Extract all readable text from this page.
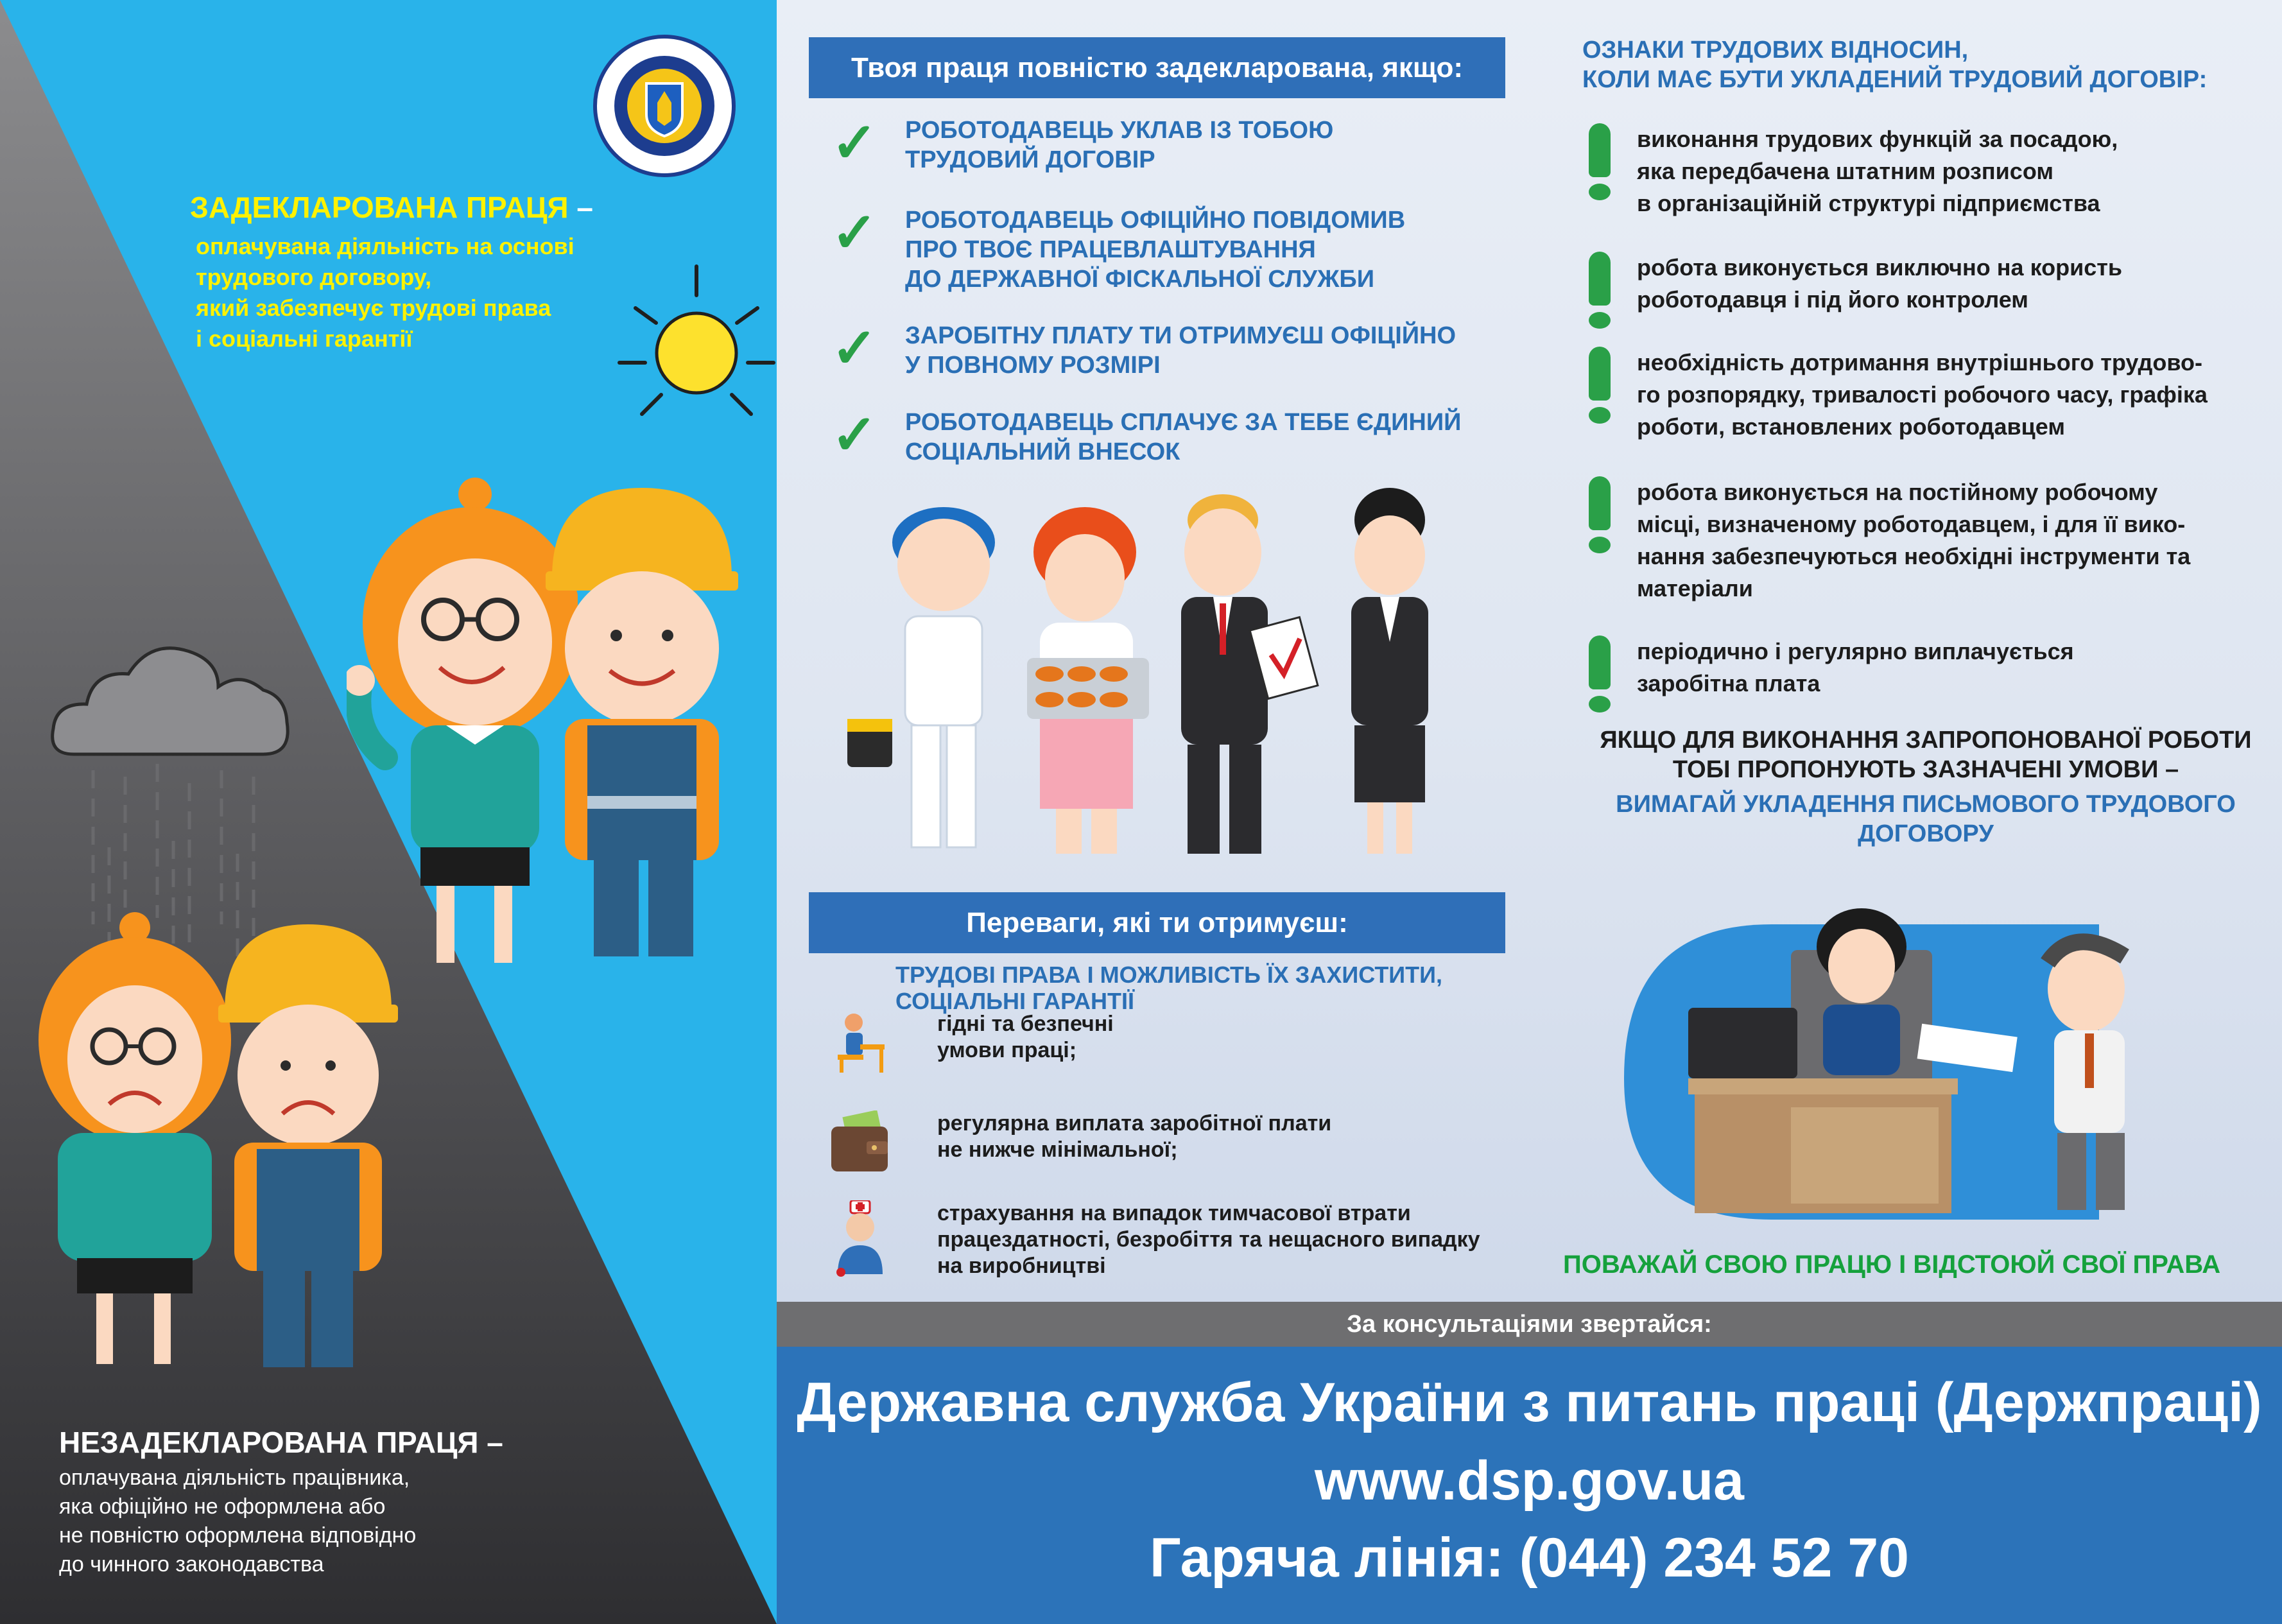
ЗАДЕКЛАРОВАНА ПРАЦЯ –
оплачувана діяльність на основі
трудового договору,
який забезпечує трудові права
і соціальні гарантії
НЕЗАДЕКЛАРОВАНА ПРАЦЯ –
оплачувана діяльність працівника,
яка офіційно не оформлена або
не повністю оформлена відповідно
до чинного законодавства
Твоя праця повністю задекларована, якщо:
✓ РОБОТОДАВЕЦЬ УКЛАВ ІЗ ТОБОЮ
ТРУДОВИЙ ДОГОВІР
✓ РОБОТОДАВЕЦЬ ОФІЦІЙНО ПОВІДОМИВ
ПРО ТВОЄ ПРАЦЕВЛАШТУВАННЯ
ДО ДЕРЖАВНОЇ ФІСКАЛЬНОЇ СЛУЖБИ
✓ ЗАРОБІТНУ ПЛАТУ ТИ ОТРИМУЄШ ОФІЦІЙНО
У ПОВНОМУ РОЗМІРІ
✓ РОБОТОДАВЕЦЬ СПЛАЧУЄ ЗА ТЕБЕ ЄДИНИЙ
СОЦІАЛЬНИЙ ВНЕСОК
Переваги, які ти отримуєш:
ТРУДОВІ ПРАВА І МОЖЛИВІСТЬ ЇХ ЗАХИСТИТИ,
СОЦІАЛЬНІ ГАРАНТІЇ
гідні та безпечні
умови праці;
регулярна виплата заробітної плати
не нижче мінімальної;
страхування на випадок тимчасової втрати
працездатності, безробіття та нещасного випадку
на виробництві
ОЗНАКИ ТРУДОВИХ ВІДНОСИН,
КОЛИ МАЄ БУТИ УКЛАДЕНИЙ ТРУДОВИЙ ДОГОВІР:
виконання трудових функцій за посадою,
яка передбачена штатним розписом
в організаційній структурі підприємства
робота виконується виключно на користь
роботодавця і під його контролем
необхідність дотримання внутрішнього трудово-
го розпорядку, тривалості робочого часу, графіка
роботи, встановлених роботодавцем
робота виконується на постійному робочому
місці, визначеному роботодавцем, і для її вико-
нання забезпечуються необхідні інструменти та
матеріали
періодично і регулярно виплачується
заробітна плата
ЯКЩО ДЛЯ ВИКОНАННЯ ЗАПРОПОНОВАНОЇ РОБОТИ
ТОБІ ПРОПОНУЮТЬ ЗАЗНАЧЕНІ УМОВИ –
ВИМАГАЙ УКЛАДЕННЯ ПИСЬМОВОГО ТРУДОВОГО
ДОГОВОРУ
ПОВАЖАЙ СВОЮ ПРАЦЮ І ВІДСТОЮЙ СВОЇ ПРАВА
За консультаціями звертайся:
Державна служба України з питань праці (Держпраці)
www.dsp.gov.ua
Гаряча лінія: (044) 234 52 70
